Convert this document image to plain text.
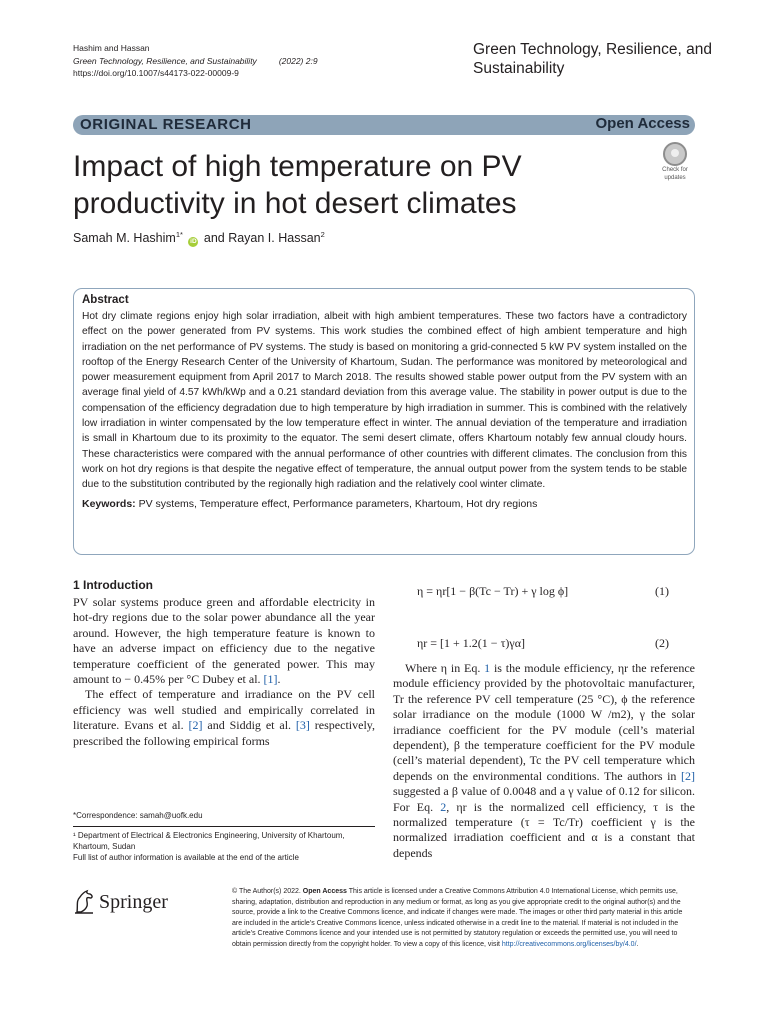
Hashim and Hassan
Green Technology, Resilience, and Sustainability	(2022) 2:9
https://doi.org/10.1007/s44173-022-00009-9
Green Technology, Resilience, and Sustainability
ORIGINAL RESEARCH	Open Access
Impact of high temperature on PV productivity in hot desert climates
Check for
updates
Samah M. Hashim$^{1*}$ iD and Rayan I. Hassan$^2$
Abstract
Hot dry climate regions enjoy high solar irradiation, albeit with high ambient temperatures. These two factors have a contradictory effect on the power generated from PV systems. This work studies the combined effect of high ambient temperature and high irradiation on the net performance of PV systems. The study is based on monitoring a grid-connected 5 kW PV system installed on the rooftop of the Energy Research Center of the University of Khartoum, Sudan. The performance was monitored by meteorological and power measurement equipment from April 2017 to March 2018. The results showed stable power output from the PV system with an average final yield of 4.57 kWh/kWp and a 0.21 standard deviation from this average value. The stability in power output is due to the compensation of the efficiency degradation due to high temperature by high irradiation in summer. This is combined with the relatively low irradiation in winter compensated by the low temperature effect in winter. The annual deviation of the temperature and irradiation is small in Khartoum due to its proximity to the equator. The semi desert climate, offers Khartoum notably few annual cloudy hours. These characteristics were compared with the annual performance of other countries with different climates. The conclusion from this work on hot dry regions is that despite the negative effect of temperature, the annual output power from the system tends to be stable due to the substitution contributed by the regionally high radiation and the relatively cool winter climate.
Keywords: PV systems, Temperature effect, Performance parameters, Khartoum, Hot dry regions
1 Introduction

PV solar systems produce green and affordable electricity in hot-dry regions due to the solar power abundance all the year around. However, the high temperature feature is known to have an adverse impact on efficiency due to the negative temperature coefficient of the generated power. This may amount to − 0.45% per °C Dubey et al. [1].

The effect of temperature and irradiance on the PV cell efficiency was well studied and empirically correlated in literature. Evans et al. [2] and Siddig et al. [3] respectively, prescribed the following empirical forms

η = ηr[1 − β(Tc − Tr) + γ log ϕ]	(1)
ηr = [1 + 1.2(1 − τ)γα]	(2)

Where η in Eq. 1 is the module efficiency, ηr the reference module efficiency provided by the photovoltaic manufacturer, Tr the reference PV cell temperature (25 °C), ϕ the reference solar irradiance on the module (1000 W /m2), γ the solar irradiance coefficient for the PV module (cell’s material dependent), β the temperature coefficient for the PV module (cell’s material dependent), Tc the PV cell temperature which depends on the environmental conditions. The authors in [2] suggested a β value of 0.0048 and a γ value of 0.12 for silicon. For Eq. 2, ηr is the normalized cell efficiency, τ is the normalized temperature (τ = Tc/Tr) coefficient γ is the normalized irradiation coefficient and α is a constant that depends

*Correspondence: samah@uofk.edu
¹ Department of Electrical & Electronics Engineering, University of Khartoum, Khartoum, Sudan
Full list of author information is available at the end of the article
Springer	© The Author(s) 2022. Open Access This article is licensed under a Creative Commons Attribution 4.0 International License, which permits use, sharing, adaptation, distribution and reproduction in any medium or format, as long as you give appropriate credit to the original author(s) and the source, provide a link to the Creative Commons licence, and indicate if changes were made. The images or other third party material in this article are included in the article’s Creative Commons licence, unless indicated otherwise in a credit line to the material. If material is not included in the article’s Creative Commons licence and your intended use is not permitted by statutory regulation or exceeds the permitted use, you will need to obtain permission directly from the copyright holder. To view a copy of this licence, visit http://creativecommons.org/licenses/by/4.0/.
